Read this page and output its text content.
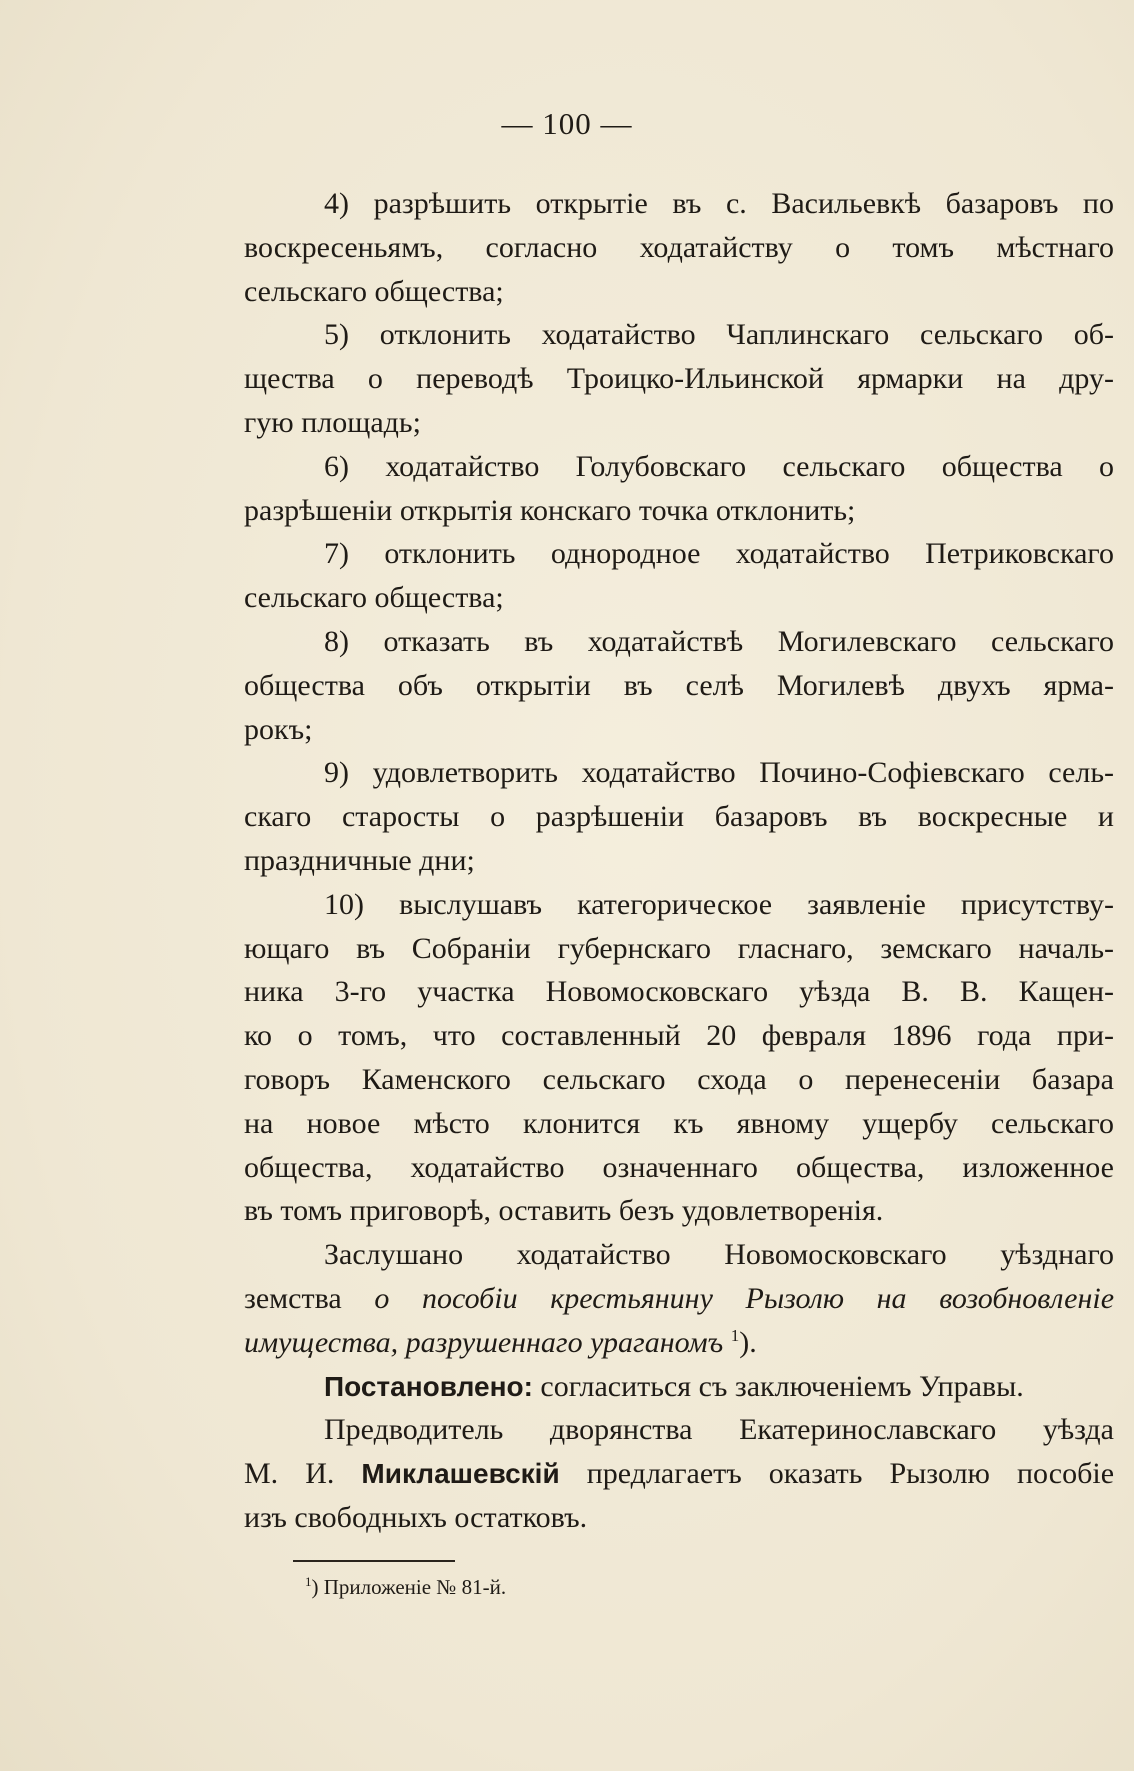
— 100 —
4) разрѣшить открытіе въ с. Васильевкѣ базаровъ по
воскресеньямъ, согласно ходатайству о томъ мѣстнаго
сельскаго общества;
5) отклонить ходатайство Чаплинскаго сельскаго об-
щества о переводѣ Троицко-Ильинской ярмарки на дру-
гую площадь;
6) ходатайство Голубовскаго сельскаго общества о
разрѣшеніи открытія конскаго точка отклонить;
7) отклонить однородное ходатайство Петриковскаго
сельскаго общества;
8) отказать въ ходатайствѣ Могилевскаго сельскаго
общества объ открытіи въ селѣ Могилевѣ двухъ ярма-
рокъ;
9) удовлетворить ходатайство Почино-Софіевскаго сель-
скаго старосты о разрѣшеніи базаровъ въ воскресные и
праздничные дни;
10) выслушавъ категорическое заявленіе присутству-
ющаго въ Собраніи губернскаго гласнаго, земскаго началь-
ника 3-го участка Новомосковскаго уѣзда В. В. Кащен-
ко о томъ, что составленный 20 февраля 1896 года при-
говоръ Каменского сельскаго схода о перенесеніи базара
на новое мѣсто клонится къ явному ущербу сельскаго
общества, ходатайство означеннаго общества, изложенное
въ томъ приговорѣ, оставить безъ удовлетворенія.
Заслушано ходатайство Новомосковскаго уѣзднаго
земства о пособіи крестьянину Рызолю на возобновленіе
имущества, разрушеннаго ураганомъ $^1$).
Постановлено: согласиться съ заключеніемъ Управы.
Предводитель дворянства Екатеринославскаго уѣзда
М. И. Миклашевскій предлагаетъ оказать Рызолю пособіе
изъ свободныхъ остатковъ.
$^1$) Приложеніе № 81-й.
